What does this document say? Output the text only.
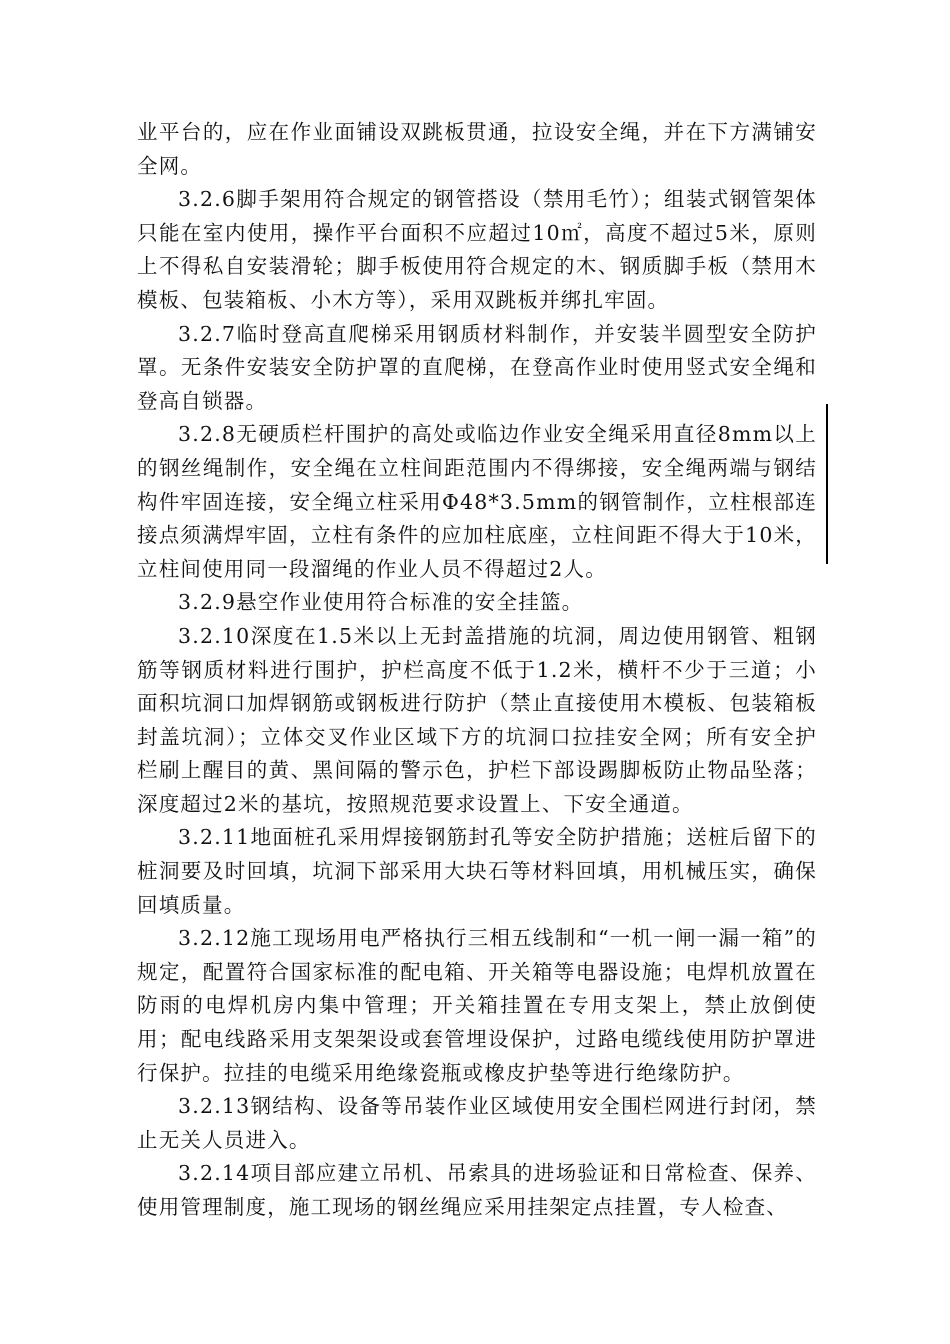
业平台的，应在作业面铺设双跳板贯通，拉设安全绳，并在下方满铺安全网。

3.2.6脚手架用符合规定的钢管搭设（禁用毛竹）；组装式钢管架体只能在室内使用，操作平台面积不应超过10㎡，高度不超过5米，原则上不得私自安装滑轮；脚手板使用符合规定的木、钢质脚手板（禁用木模板、包装箱板、小木方等），采用双跳板并绑扎牢固。

3.2.7临时登高直爬梯采用钢质材料制作，并安装半圆型安全防护罩。无条件安装安全防护罩的直爬梯，在登高作业时使用竖式安全绳和登高自锁器。

3.2.8无硬质栏杆围护的高处或临边作业安全绳采用直径8mm以上的钢丝绳制作，安全绳在立柱间距范围内不得绑接，安全绳两端与钢结构件牢固连接，安全绳立柱采用Φ48*3.5mm的钢管制作，立柱根部连接点须满焊牢固，立柱有条件的应加柱底座，立柱间距不得大于10米，立柱间使用同一段溜绳的作业人员不得超过2人。

3.2.9悬空作业使用符合标准的安全挂篮。

3.2.10深度在1.5米以上无封盖措施的坑洞，周边使用钢管、粗钢筋等钢质材料进行围护，护栏高度不低于1.2米，横杆不少于三道；小面积坑洞口加焊钢筋或钢板进行防护（禁止直接使用木模板、包装箱板封盖坑洞）；立体交叉作业区域下方的坑洞口拉挂安全网；所有安全护栏刷上醒目的黄、黑间隔的警示色，护栏下部设踢脚板防止物品坠落；深度超过2米的基坑，按照规范要求设置上、下安全通道。

3.2.11地面桩孔采用焊接钢筋封孔等安全防护措施；送桩后留下的桩洞要及时回填，坑洞下部采用大块石等材料回填，用机械压实，确保回填质量。

3.2.12施工现场用电严格执行三相五线制和“一机一闸一漏一箱”的规定，配置符合国家标准的配电箱、开关箱等电器设施；电焊机放置在防雨的电焊机房内集中管理；开关箱挂置在专用支架上，禁止放倒使用；配电线路采用支架架设或套管埋设保护，过路电缆线使用防护罩进行保护。拉挂的电缆采用绝缘瓷瓶或橡皮护垫等进行绝缘防护。

3.2.13钢结构、设备等吊装作业区域使用安全围栏网进行封闭，禁止无关人员进入。

3.2.14项目部应建立吊机、吊索具的进场验证和日常检查、保养、使用管理制度，施工现场的钢丝绳应采用挂架定点挂置，专人检查、
